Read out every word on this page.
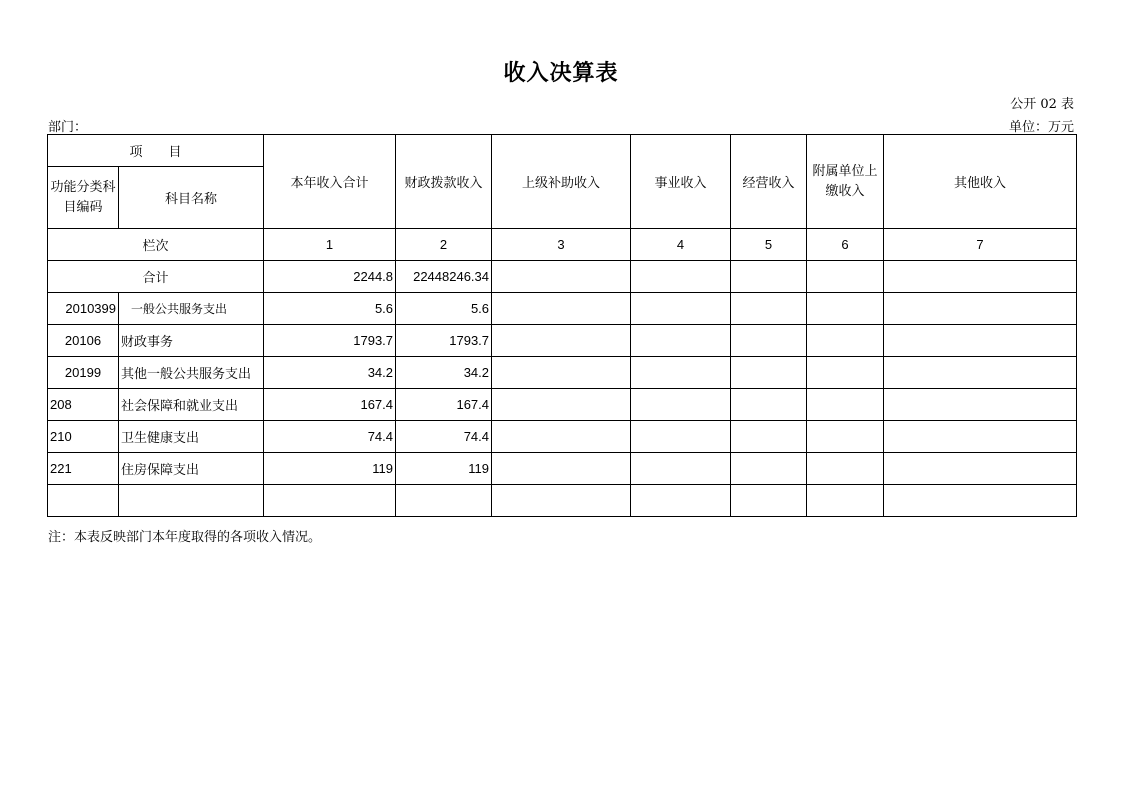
收入决算表
公开 02 表
部门：	单位：万元
项　　目		本年收入合计	财政拨款收入	上级补助收入	事业收入	经营收入	附属单位上缴收入	其他收入
功能分类科目编码	科目名称							
栏次		1	2	3	4	5	6	7
合计		2244.8	22448246.34					
2010399	一般公共服务支出	5.6	5.6					
20106	财政事务	1793.7	1793.7					
20199	其他一般公共服务支出	34.2	34.2					
208	社会保障和就业支出	167.4	167.4					
210	卫生健康支出	74.4	74.4					
221	住房保障支出	119	119					

注：本表反映部门本年度取得的各项收入情况。
